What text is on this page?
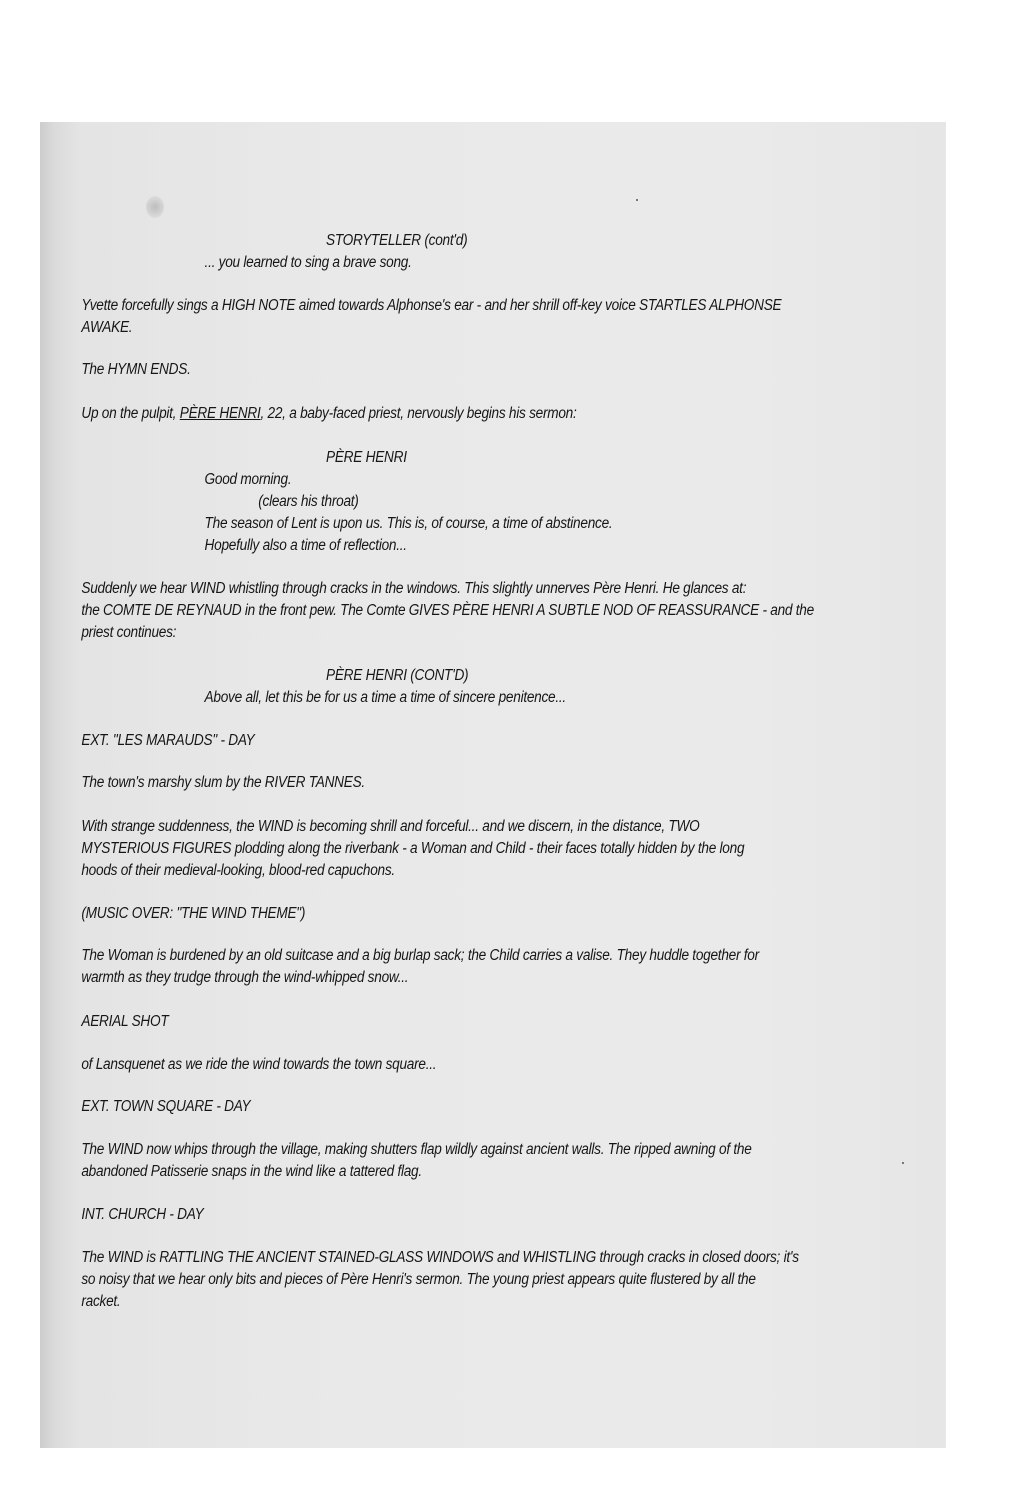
STORYTELLER (cont'd)
... you learned to sing a brave song.
Yvette forcefully sings a HIGH NOTE aimed towards Alphonse's ear - and her shrill off-key voice STARTLES ALPHONSE
AWAKE.
The HYMN ENDS.
Up on the pulpit, PÈRE HENRI, 22, a baby-faced priest, nervously begins his sermon:
PÈRE HENRI
Good morning.
(clears his throat)
The season of Lent is upon us. This is, of course, a time of abstinence.
Hopefully also a time of reflection...
Suddenly we hear WIND whistling through cracks in the windows. This slightly unnerves Père Henri. He glances at:
the COMTE DE REYNAUD in the front pew. The Comte GIVES PÈRE HENRI A SUBTLE NOD OF REASSURANCE - and the
priest continues:
PÈRE HENRI (CONT'D)
Above all, let this be for us a time a time of sincere penitence...
EXT. "LES MARAUDS" - DAY
The town's marshy slum by the RIVER TANNES.
With strange suddenness, the WIND is becoming shrill and forceful... and we discern, in the distance, TWO
MYSTERIOUS FIGURES plodding along the riverbank - a Woman and Child - their faces totally hidden by the long
hoods of their medieval-looking, blood-red capuchons.
(MUSIC OVER: "THE WIND THEME")
The Woman is burdened by an old suitcase and a big burlap sack; the Child carries a valise. They huddle together for
warmth as they trudge through the wind-whipped snow...
AERIAL SHOT
of Lansquenet as we ride the wind towards the town square...
EXT. TOWN SQUARE - DAY
The WIND now whips through the village, making shutters flap wildly against ancient walls. The ripped awning of the
abandoned Patisserie snaps in the wind like a tattered flag.
INT. CHURCH - DAY
The WIND is RATTLING THE ANCIENT STAINED-GLASS WINDOWS and WHISTLING through cracks in closed doors; it's
so noisy that we hear only bits and pieces of Père Henri's sermon. The young priest appears quite flustered by all the
racket.
